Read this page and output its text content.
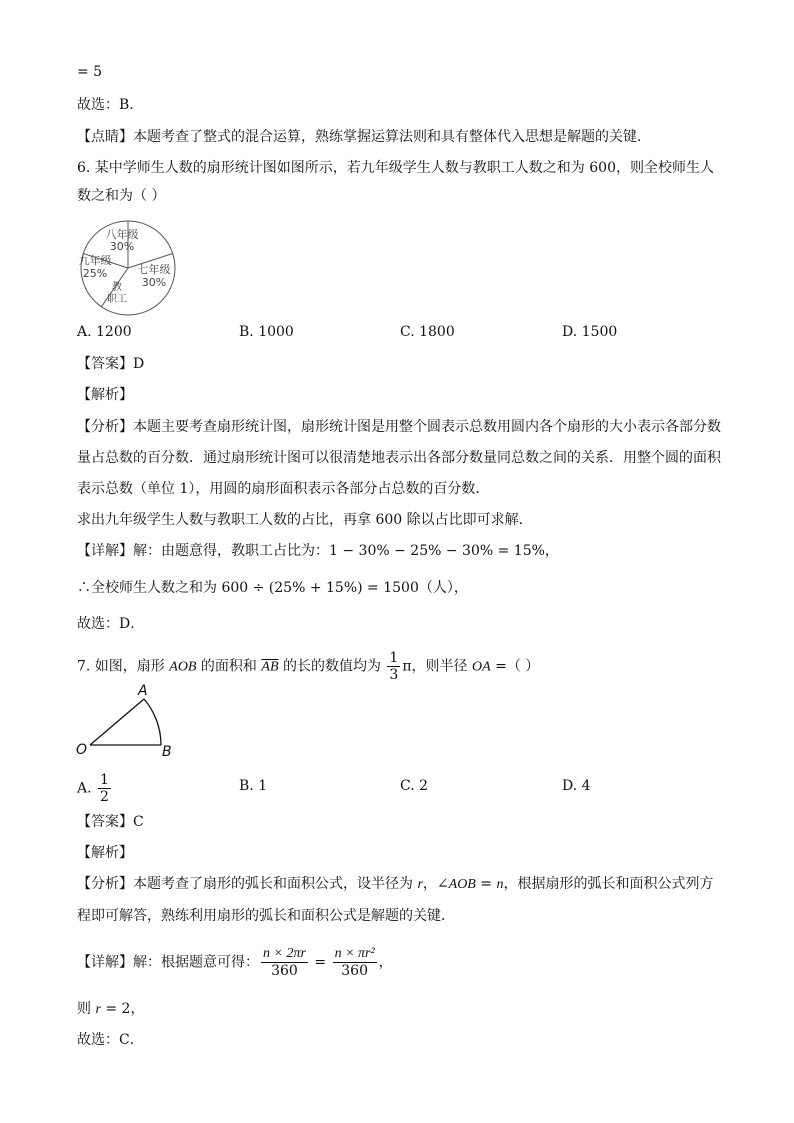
= 5
故选：B．
【点睛】本题考查了整式的混合运算，熟练掌握运算法则和具有整体代入思想是解题的关键．
6. 某中学师生人数的扇形统计图如图所示，若九年级学生人数与教职工人数之和为 600，则全校师生人
数之和为（ ）
八年级
30%
九年级
25%	七年级
30%
教
职工
A. 1200	B. 1000	C. 1800	D. 1500
【答案】D
【解析】
【分析】本题主要考查扇形统计图，扇形统计图是用整个圆表示总数用圆内各个扇形的大小表示各部分数
量占总数的百分数．通过扇形统计图可以很清楚地表示出各部分数量同总数之间的关系．用整个圆的面积
表示总数（单位 1），用圆的扇形面积表示各部分占总数的百分数．
求出九年级学生人数与教职工人数的占比，再拿 600 除以占比即可求解．
【详解】解：由题意得，教职工占比为：1 − 30% − 25% − 30% = 15%，
∴全校师生人数之和为 600 ÷ (25% + 15%) = 1500（人），
故选：D．
7. 如图，扇形 AOB 的面积和 $\overline{AB}$ 的长的数值均为 $\frac{1}{3}$ π，则半径 OA =（ ）
A
O	B
A. $\frac{1}{2}$	B. 1	C. 2	D. 4
【答案】C
【解析】
【分析】本题考查了扇形的弧长和面积公式，设半径为 r，∠AOB = n，根据扇形的弧长和面积公式列方
程即可解答，熟练利用扇形的弧长和面积公式是解题的关键．
【详解】解：根据题意可得： $\frac{n \times 2\pi r}{360} = \frac{\text{n × πr²}}{360}$ ，
则 r = 2，
故选：C．
